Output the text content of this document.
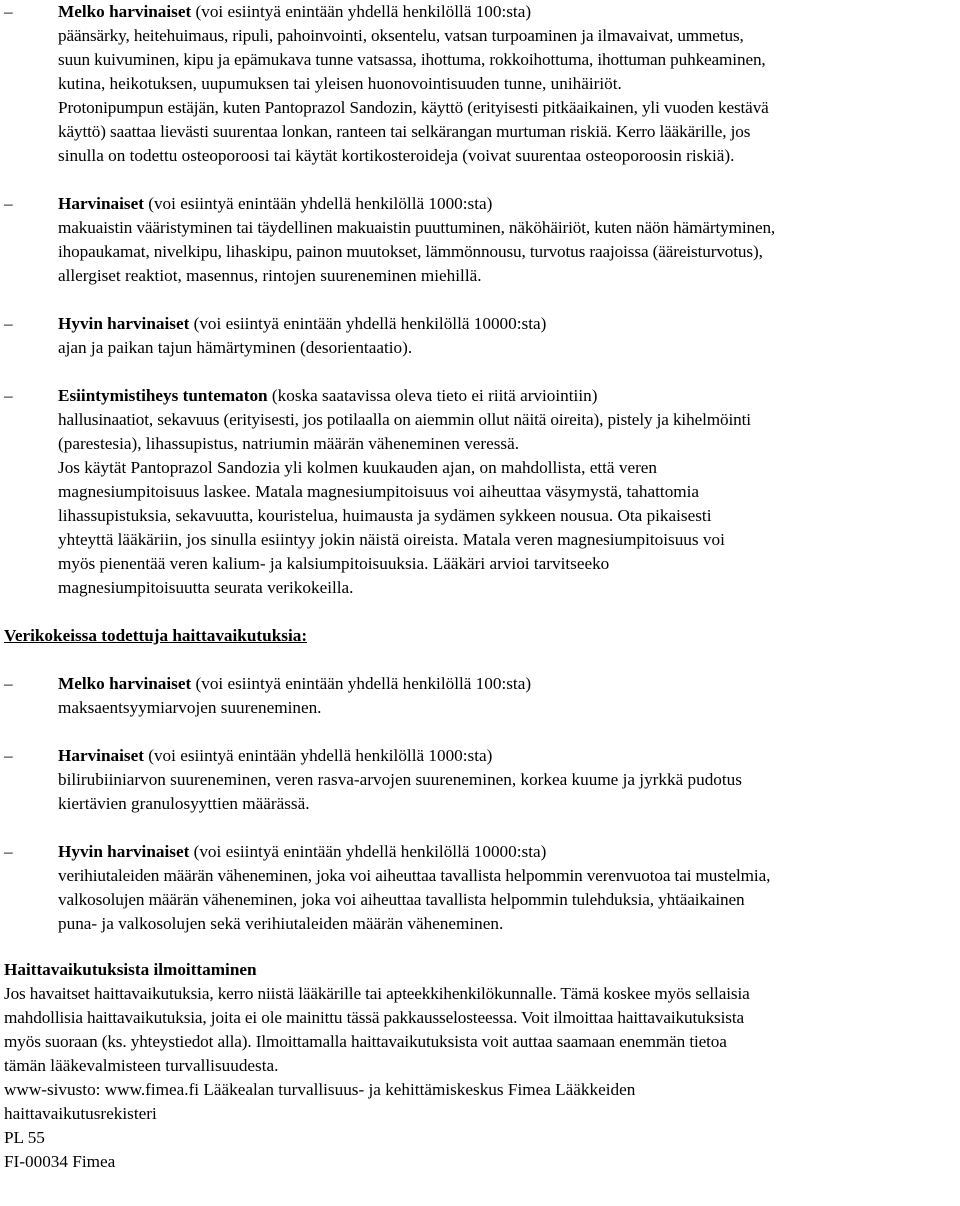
–	Melko harvinaiset (voi esiintyä enintään yhdellä henkilöllä 100:sta)

päänsärky, heitehuimaus, ripuli, pahoinvointi, oksentelu, vatsan turpoaminen ja ilmavaivat, ummetus,

suun kuivuminen, kipu ja epämukava tunne vatsassa, ihottuma, rokkoihottuma, ihottuman puhkeaminen,

kutina, heikotuksen, uupumuksen tai yleisen huonovointisuuden tunne, unihäiriöt.

Protonipumpun estäjän, kuten Pantoprazol Sandozin, käyttö (erityisesti pitkäaikainen, yli vuoden kestävä

käyttö) saattaa lievästi suurentaa lonkan, ranteen tai selkärangan murtuman riskiä. Kerro lääkärille, jos

sinulla on todettu osteoporoosi tai käytät kortikosteroideja (voivat suurentaa osteoporoosin riskiä).

–	Harvinaiset (voi esiintyä enintään yhdellä henkilöllä 1000:sta)

makuaistin vääristyminen tai täydellinen makuaistin puuttuminen, näköhäiriöt, kuten näön hämärtyminen,

ihopaukamat, nivelkipu, lihaskipu, painon muutokset, lämmönnousu, turvotus raajoissa (ääreisturvotus),

allergiset reaktiot, masennus, rintojen suureneminen miehillä.

–	Hyvin harvinaiset (voi esiintyä enintään yhdellä henkilöllä 10000:sta)

ajan ja paikan tajun hämärtyminen (desorientaatio).

–	Esiintymistiheys tuntematon (koska saatavissa oleva tieto ei riitä arviointiin)

hallusinaatiot, sekavuus (erityisesti, jos potilaalla on aiemmin ollut näitä oireita), pistely ja kihelmöinti

(parestesia), lihassupistus, natriumin määrän väheneminen veressä.

Jos käytät Pantoprazol Sandozia yli kolmen kuukauden ajan, on mahdollista, että veren

magnesiumpitoisuus laskee. Matala magnesiumpitoisuus voi aiheuttaa väsymystä, tahattomia

lihassupistuksia, sekavuutta, kouristelua, huimausta ja sydämen sykkeen nousua. Ota pikaisesti

yhteyttä lääkäriin, jos sinulla esiintyy jokin näistä oireista. Matala veren magnesiumpitoisuus voi

myös pienentää veren kalium- ja kalsiumpitoisuuksia. Lääkäri arvioi tarvitseeko

magnesiumpitoisuutta seurata verikokeilla.

Verikokeissa todettuja haittavaikutuksia:

–	Melko harvinaiset (voi esiintyä enintään yhdellä henkilöllä 100:sta)

maksaentsyymiarvojen suureneminen.

–	Harvinaiset (voi esiintyä enintään yhdellä henkilöllä 1000:sta)

bilirubiiniarvon suureneminen, veren rasva-arvojen suureneminen, korkea kuume ja jyrkkä pudotus

kiertävien granulosyyttien määrässä.

–	Hyvin harvinaiset (voi esiintyä enintään yhdellä henkilöllä 10000:sta)

verihiutaleiden määrän väheneminen, joka voi aiheuttaa tavallista helpommin verenvuotoa tai mustelmia,

valkosolujen määrän väheneminen, joka voi aiheuttaa tavallista helpommin tulehduksia, yhtäaikainen

puna- ja valkosolujen sekä verihiutaleiden määrän väheneminen.

Haittavaikutuksista ilmoittaminen

Jos havaitset haittavaikutuksia, kerro niistä lääkärille tai apteekkihenkilökunnalle. Tämä koskee myös sellaisia

mahdollisia haittavaikutuksia, joita ei ole mainittu tässä pakkausselosteessa. Voit ilmoittaa haittavaikutuksista

myös suoraan (ks. yhteystiedot alla). Ilmoittamalla haittavaikutuksista voit auttaa saamaan enemmän tietoa

tämän lääkevalmisteen turvallisuudesta.

www-sivusto: www.fimea.fi Lääkealan turvallisuus- ja kehittämiskeskus Fimea Lääkkeiden

haittavaikutusrekisteri

PL 55

FI-00034 Fimea
